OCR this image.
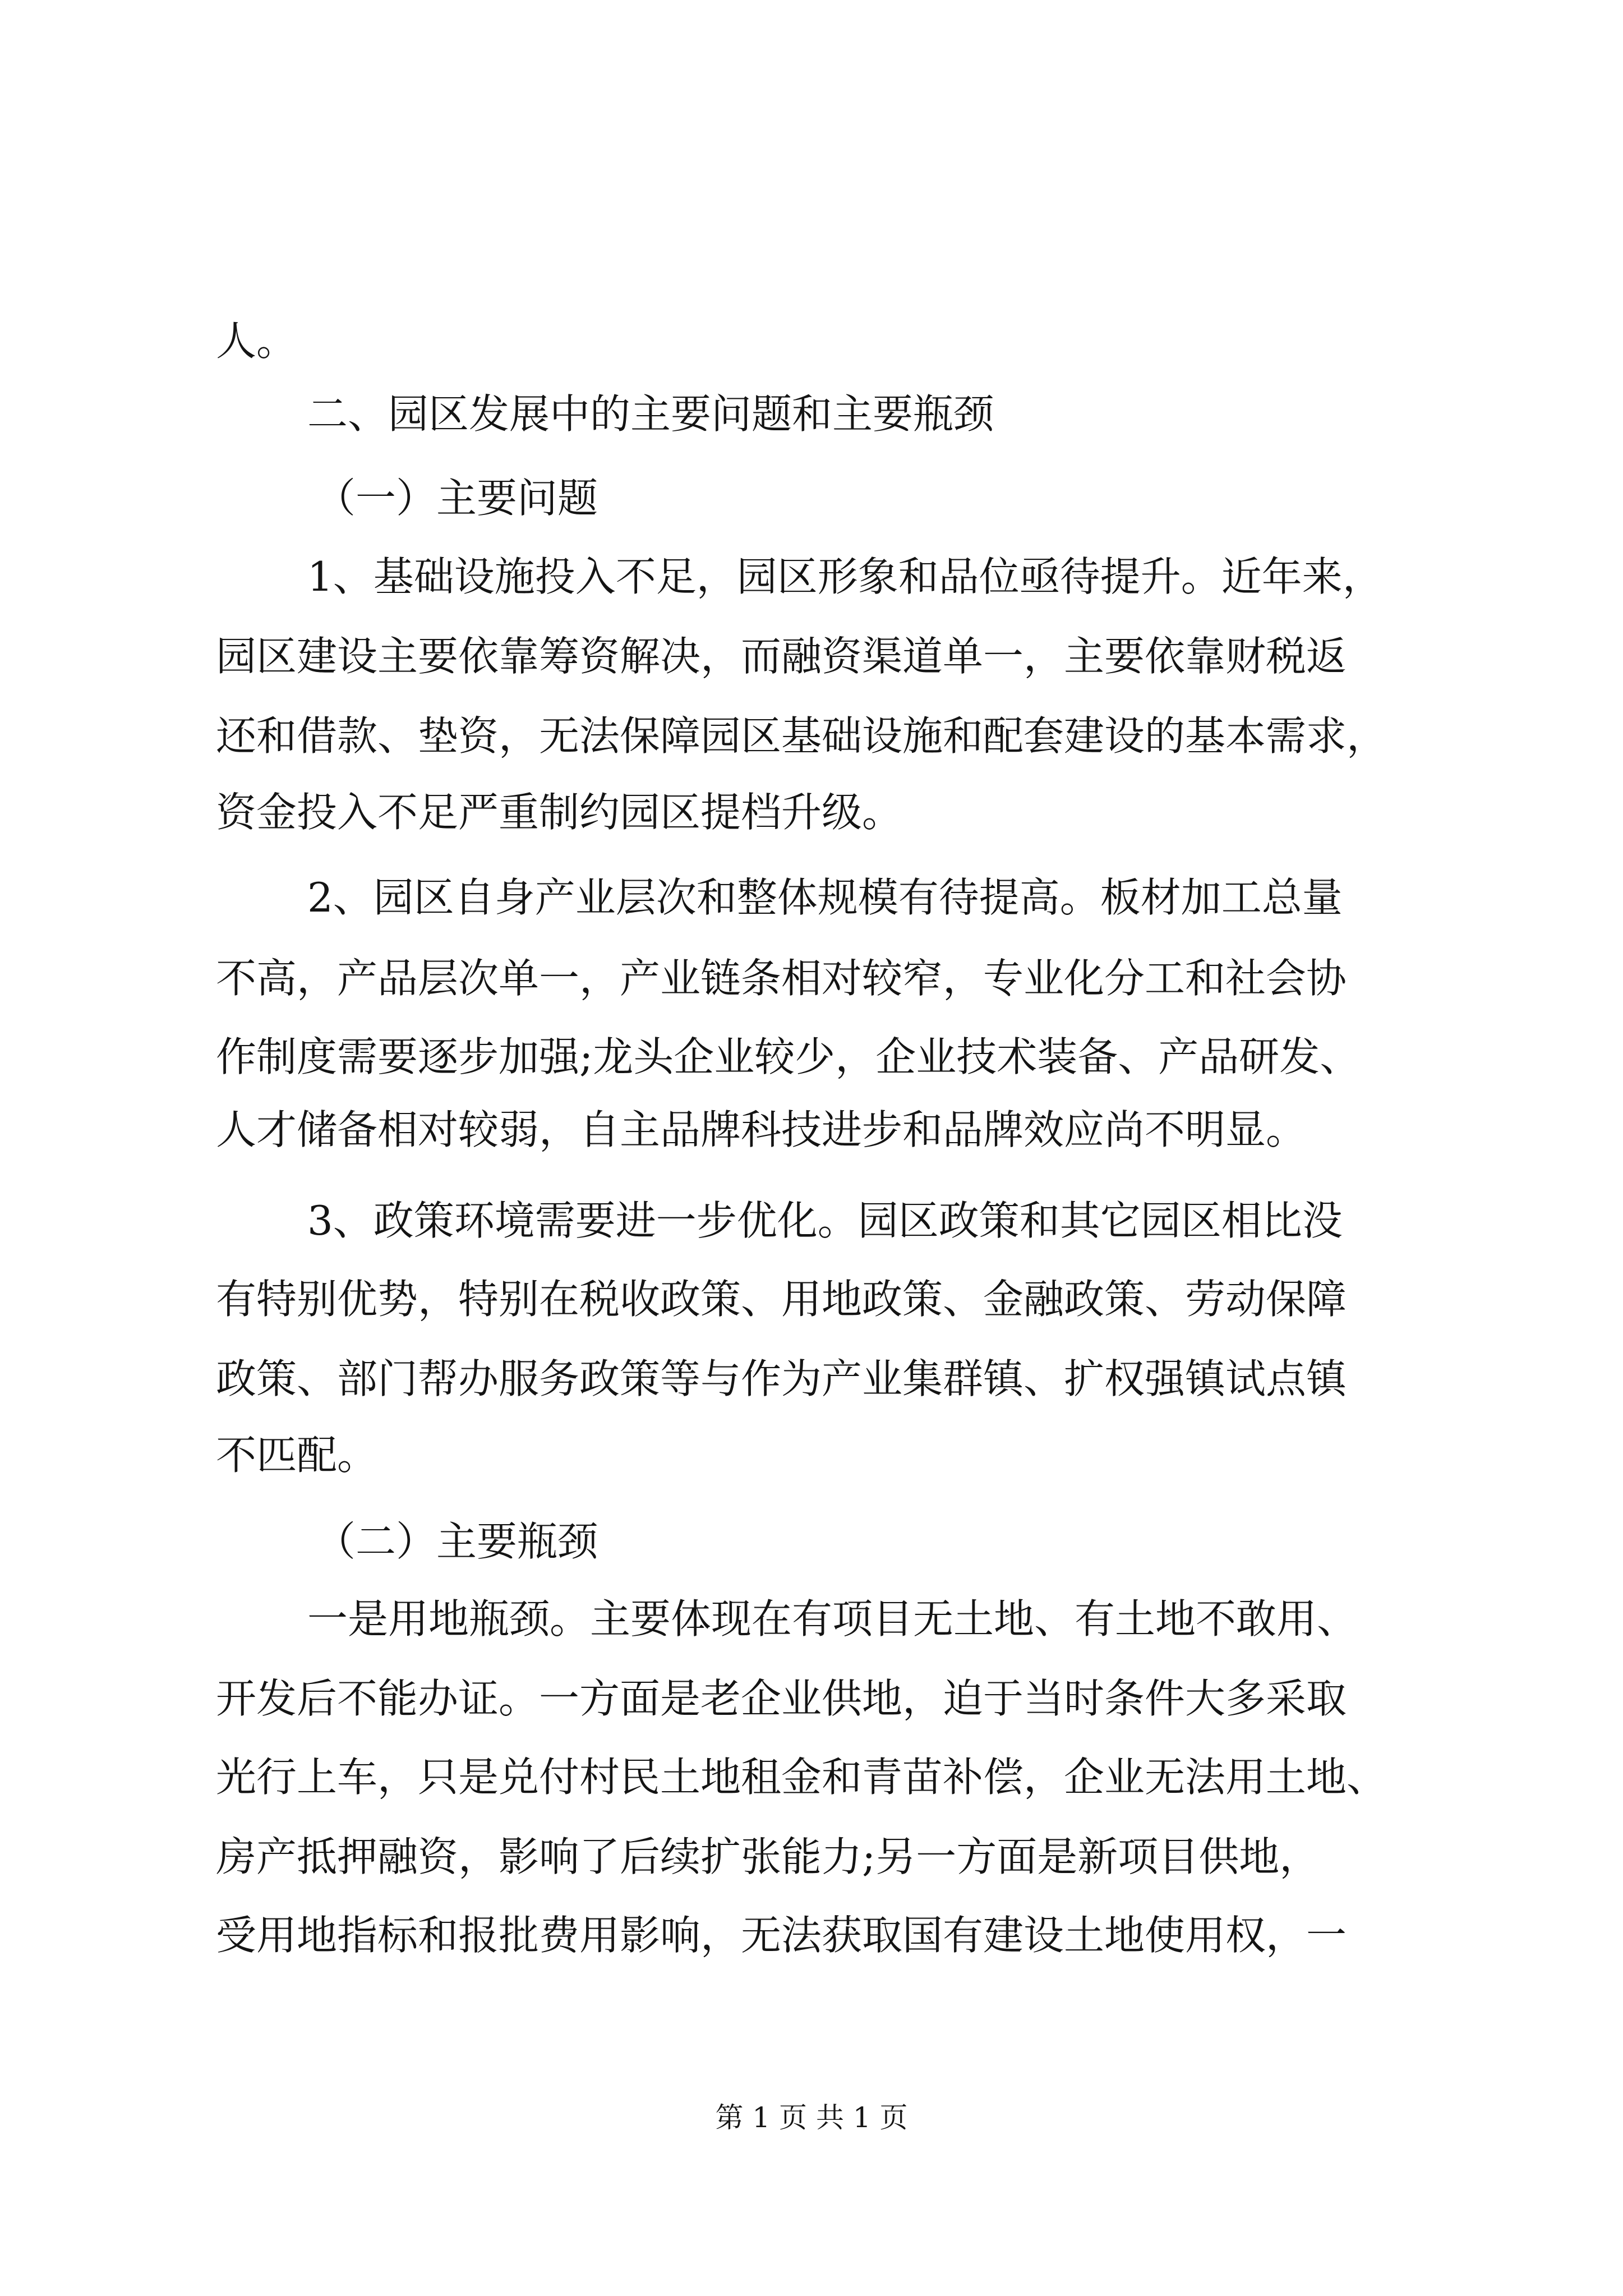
人。
二、园区发展中的主要问题和主要瓶颈
（一）主要问题
1、基础设施投入不足，园区形象和品位亟待提升。近年来，
园区建设主要依靠筹资解决，而融资渠道单一，主要依靠财税返
还和借款、垫资，无法保障园区基础设施和配套建设的基本需求，
资金投入不足严重制约园区提档升级。
2、园区自身产业层次和整体规模有待提高。板材加工总量
不高，产品层次单一，产业链条相对较窄，专业化分工和社会协
作制度需要逐步加强;龙头企业较少，企业技术装备、产品研发、
人才储备相对较弱，自主品牌科技进步和品牌效应尚不明显。
3、政策环境需要进一步优化。园区政策和其它园区相比没
有特别优势，特别在税收政策、用地政策、金融政策、劳动保障
政策、部门帮办服务政策等与作为产业集群镇、扩权强镇试点镇
不匹配。
（二）主要瓶颈
一是用地瓶颈。主要体现在有项目无土地、有土地不敢用、
开发后不能办证。一方面是老企业供地，迫于当时条件大多采取
光行上车，只是兑付村民土地租金和青苗补偿，企业无法用土地、
房产抵押融资，影响了后续扩张能力;另一方面是新项目供地，
受用地指标和报批费用影响，无法获取国有建设土地使用权，一
第 1 页 共 1 页
